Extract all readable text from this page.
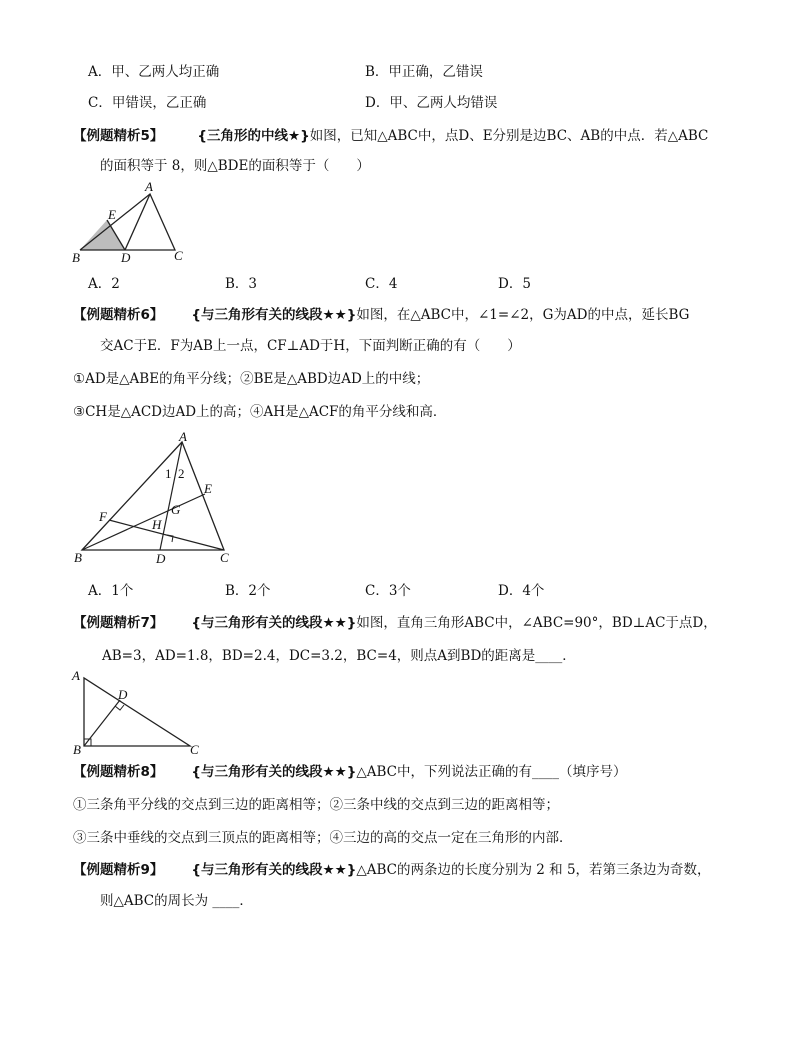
A．甲、乙两人均正确	B．甲正确，乙错误
C．甲错误，乙正确	D．甲、乙两人均错误
【例题精析5】	{三角形的中线★}如图，已知△ABC中，点D、E分别是边BC、AB的中点．若△ABC
的面积等于 8，则△BDE的面积等于（　　）
A
B	C
D
E
A．2	B．3	C．4	D．5
【例题精析6】 {与三角形有关的线段★★}如图，在△ABC中，∠1=∠2，G为AD的中点，延长BG
交AC于E．F为AB上一点，CF⊥AD于H，下面判断正确的有（　　）
①AD是△ABE的角平分线；②BE是△ABD边AD上的中线；
③CH是△ACD边AD上的高；④AH是△ACF的角平分线和高．
A
B	C
D
E
F	G
H
1 2
A．1个	B．2个	C．3个	D．4个
【例题精析7】 {与三角形有关的线段★★}如图，直角三角形ABC中，∠ABC=90°，BD⊥AC于点D，
AB=3，AD=1.8，BD=2.4，DC=3.2，BC=4，则点A到BD的距离是____．
A
B	C
D
【例题精析8】 {与三角形有关的线段★★}△ABC中，下列说法正确的有____（填序号）
①三条角平分线的交点到三边的距离相等；②三条中线的交点到三边的距离相等；
③三条中垂线的交点到三顶点的距离相等；④三边的高的交点一定在三角形的内部．
【例题精析9】 {与三角形有关的线段★★}△ABC的两条边的长度分别为 2 和 5，若第三条边为奇数，
则△ABC的周长为 ____．
